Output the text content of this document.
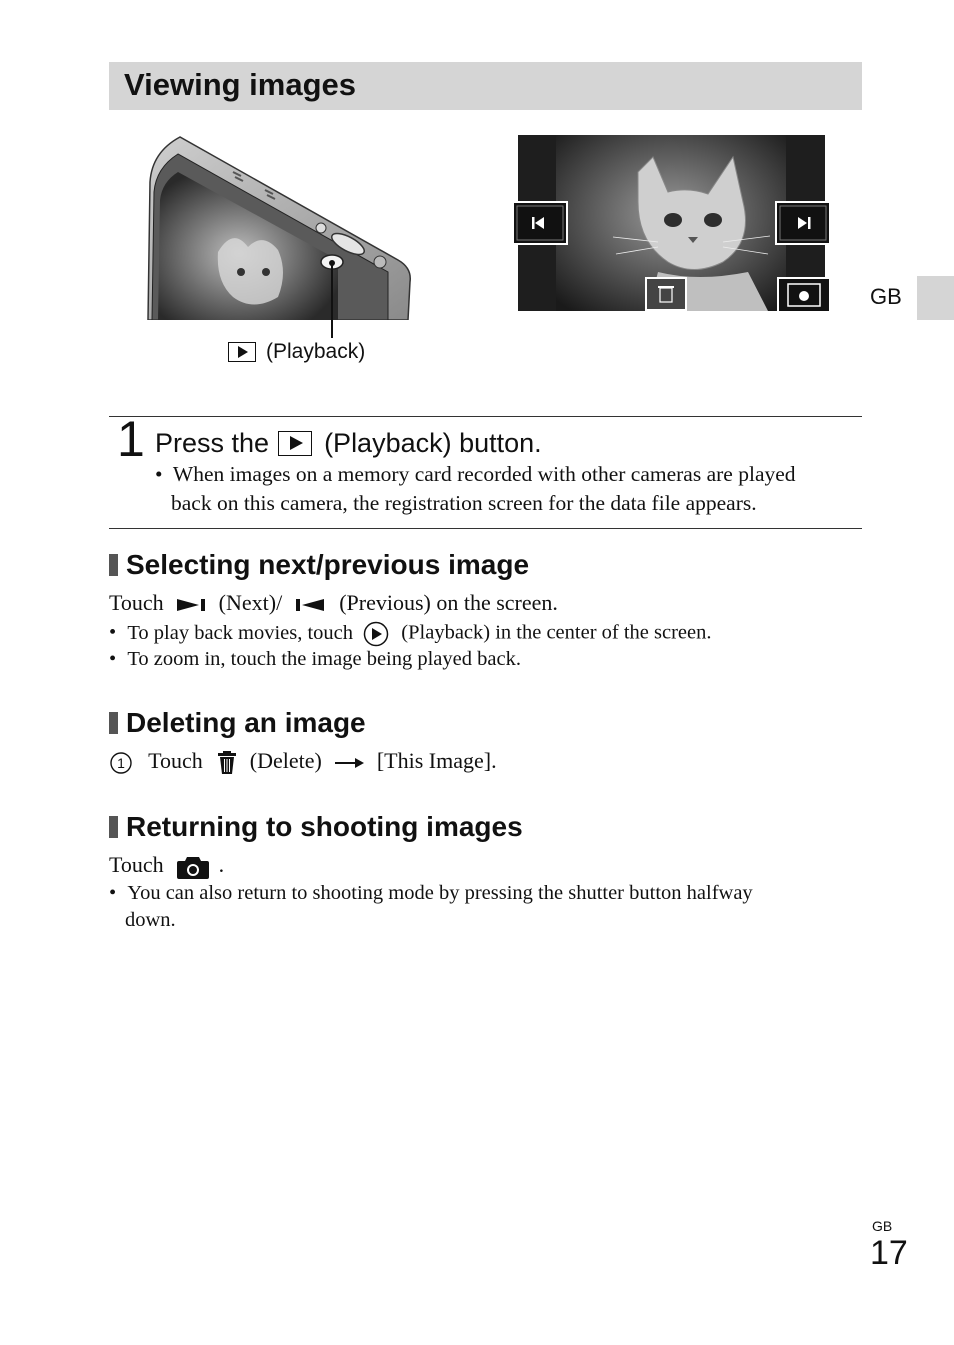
Viewing images
GB
(Playback)
1 Press the (Playback) button.
• When images on a memory card recorded with other cameras are played
back on this camera, the registration screen for the data file appears.
Selecting next/previous image
Touch	(Next)/	(Previous) on the screen.
• To play back movies, touch (Playback) in the center of the screen.
• To zoom in, touch the image being played back.
Deleting an image
1 Touch (Delete)	[This Image].
Returning to shooting images
Touch	.
• You can also return to shooting mode by pressing the shutter button halfway
down.
GB
17
